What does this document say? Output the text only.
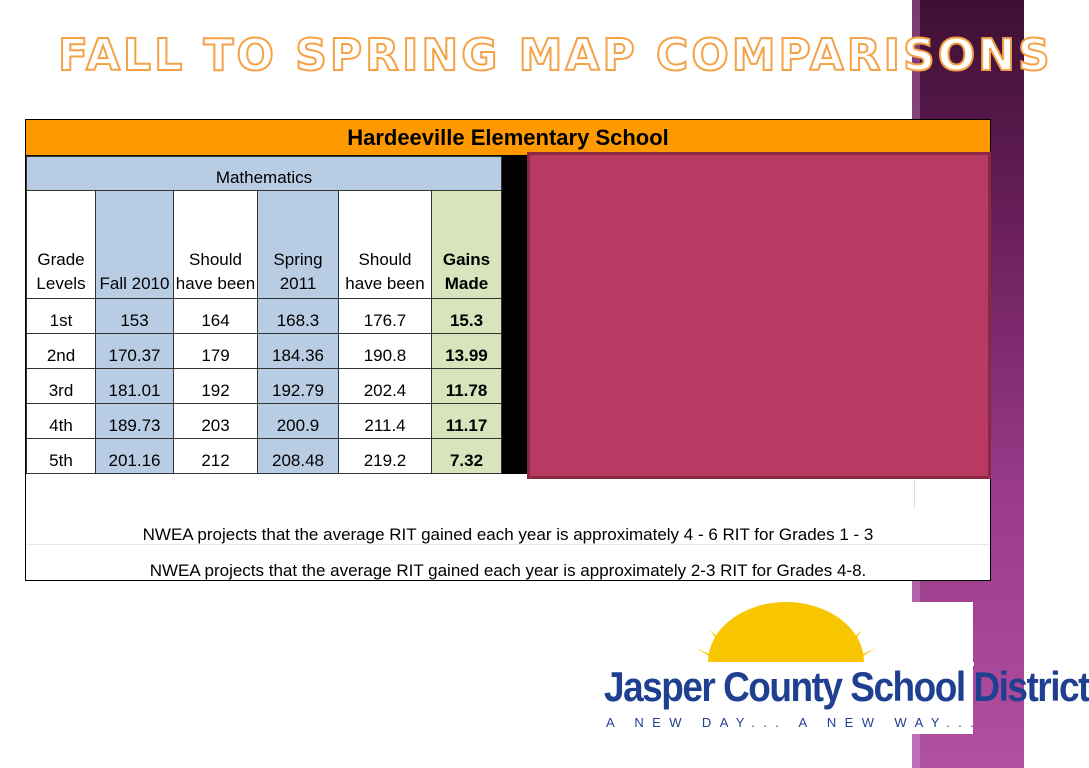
FALL TO SPRING MAP COMPARISONS
Hardeeville Elementary School
Mathematics						
Grade Levels	Fall 2010	Should have been	Spring 2011	Should have been	Gains Made	
1st	153	164	168.3	176.7	15.3	
2nd	170.37	179	184.36	190.8	13.99	
3rd	181.01	192	192.79	202.4	11.78	
4th	189.73	203	200.9	211.4	11.17	
5th	201.16	212	208.48	219.2	7.32	
NWEA projects that the average RIT gained each year is approximately 4 - 6 RIT for Grades 1 - 3
NWEA projects that the average RIT gained each year is approximately 2-3 RIT for Grades 4-8.
Jasper County School District
A NEW DAY... A NEW WAY...
